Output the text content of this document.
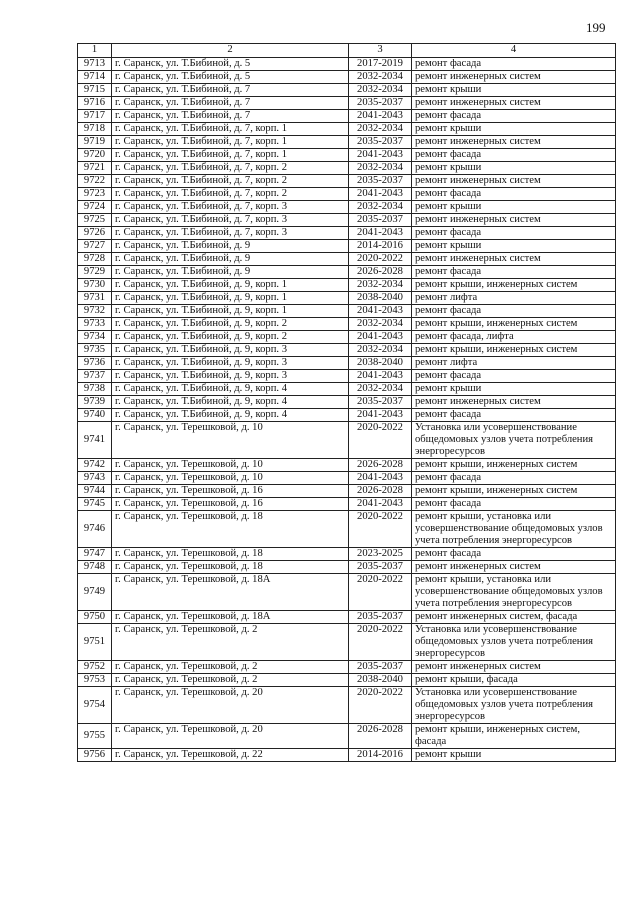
199
1	2	3	4
9713	г. Саранск, ул. Т.Бибиной, д. 5	2017-2019	ремонт фасада
9714	г. Саранск, ул. Т.Бибиной, д. 5	2032-2034	ремонт инженерных систем
9715	г. Саранск, ул. Т.Бибиной, д. 7	2032-2034	ремонт крыши
9716	г. Саранск, ул. Т.Бибиной, д. 7	2035-2037	ремонт инженерных систем
9717	г. Саранск, ул. Т.Бибиной, д. 7	2041-2043	ремонт фасада
9718	г. Саранск, ул. Т.Бибиной, д. 7, корп. 1	2032-2034	ремонт крыши
9719	г. Саранск, ул. Т.Бибиной, д. 7, корп. 1	2035-2037	ремонт инженерных систем
9720	г. Саранск, ул. Т.Бибиной, д. 7, корп. 1	2041-2043	ремонт фасада
9721	г. Саранск, ул. Т.Бибиной, д. 7, корп. 2	2032-2034	ремонт крыши
9722	г. Саранск, ул. Т.Бибиной, д. 7, корп. 2	2035-2037	ремонт инженерных систем
9723	г. Саранск, ул. Т.Бибиной, д. 7, корп. 2	2041-2043	ремонт фасада
9724	г. Саранск, ул. Т.Бибиной, д. 7, корп. 3	2032-2034	ремонт крыши
9725	г. Саранск, ул. Т.Бибиной, д. 7, корп. 3	2035-2037	ремонт инженерных систем
9726	г. Саранск, ул. Т.Бибиной, д. 7, корп. 3	2041-2043	ремонт фасада
9727	г. Саранск, ул. Т.Бибиной, д. 9	2014-2016	ремонт крыши
9728	г. Саранск, ул. Т.Бибиной, д. 9	2020-2022	ремонт инженерных систем
9729	г. Саранск, ул. Т.Бибиной, д. 9	2026-2028	ремонт фасада
9730	г. Саранск, ул. Т.Бибиной, д. 9, корп. 1	2032-2034	ремонт крыши, инженерных систем
9731	г. Саранск, ул. Т.Бибиной, д. 9, корп. 1	2038-2040	ремонт лифта
9732	г. Саранск, ул. Т.Бибиной, д. 9, корп. 1	2041-2043	ремонт фасада
9733	г. Саранск, ул. Т.Бибиной, д. 9, корп. 2	2032-2034	ремонт крыши, инженерных систем
9734	г. Саранск, ул. Т.Бибиной, д. 9, корп. 2	2041-2043	ремонт фасада, лифта
9735	г. Саранск, ул. Т.Бибиной, д. 9, корп. 3	2032-2034	ремонт крыши, инженерных систем
9736	г. Саранск, ул. Т.Бибиной, д. 9, корп. 3	2038-2040	ремонт лифта
9737	г. Саранск, ул. Т.Бибиной, д. 9, корп. 3	2041-2043	ремонт фасада
9738	г. Саранск, ул. Т.Бибиной, д. 9, корп. 4	2032-2034	ремонт крыши
9739	г. Саранск, ул. Т.Бибиной, д. 9, корп. 4	2035-2037	ремонт инженерных систем
9740	г. Саранск, ул. Т.Бибиной, д. 9, корп. 4	2041-2043	ремонт фасада
9741	г. Саранск, ул. Терешковой, д. 10	2020-2022	Установка или усовершенствование общедомовых узлов учета потребления энергоресурсов
9742	г. Саранск, ул. Терешковой, д. 10	2026-2028	ремонт крыши, инженерных систем
9743	г. Саранск, ул. Терешковой, д. 10	2041-2043	ремонт фасада
9744	г. Саранск, ул. Терешковой, д. 16	2026-2028	ремонт крыши, инженерных систем
9745	г. Саранск, ул. Терешковой, д. 16	2041-2043	ремонт фасада
9746	г. Саранск, ул. Терешковой, д. 18	2020-2022	ремонт крыши, установка или усовершенствование общедомовых узлов учета потребления энергоресурсов
9747	г. Саранск, ул. Терешковой, д. 18	2023-2025	ремонт фасада
9748	г. Саранск, ул. Терешковой, д. 18	2035-2037	ремонт инженерных систем
9749	г. Саранск, ул. Терешковой, д. 18А	2020-2022	ремонт крыши, установка или усовершенствование общедомовых узлов учета потребления энергоресурсов
9750	г. Саранск, ул. Терешковой, д. 18А	2035-2037	ремонт инженерных систем, фасада
9751	г. Саранск, ул. Терешковой, д. 2	2020-2022	Установка или усовершенствование общедомовых узлов учета потребления энергоресурсов
9752	г. Саранск, ул. Терешковой, д. 2	2035-2037	ремонт инженерных систем
9753	г. Саранск, ул. Терешковой, д. 2	2038-2040	ремонт крыши, фасада
9754	г. Саранск, ул. Терешковой, д. 20	2020-2022	Установка или усовершенствование общедомовых узлов учета потребления энергоресурсов
9755	г. Саранск, ул. Терешковой, д. 20	2026-2028	ремонт крыши, инженерных систем, фасада
9756	г. Саранск, ул. Терешковой, д. 22	2014-2016	ремонт крыши
